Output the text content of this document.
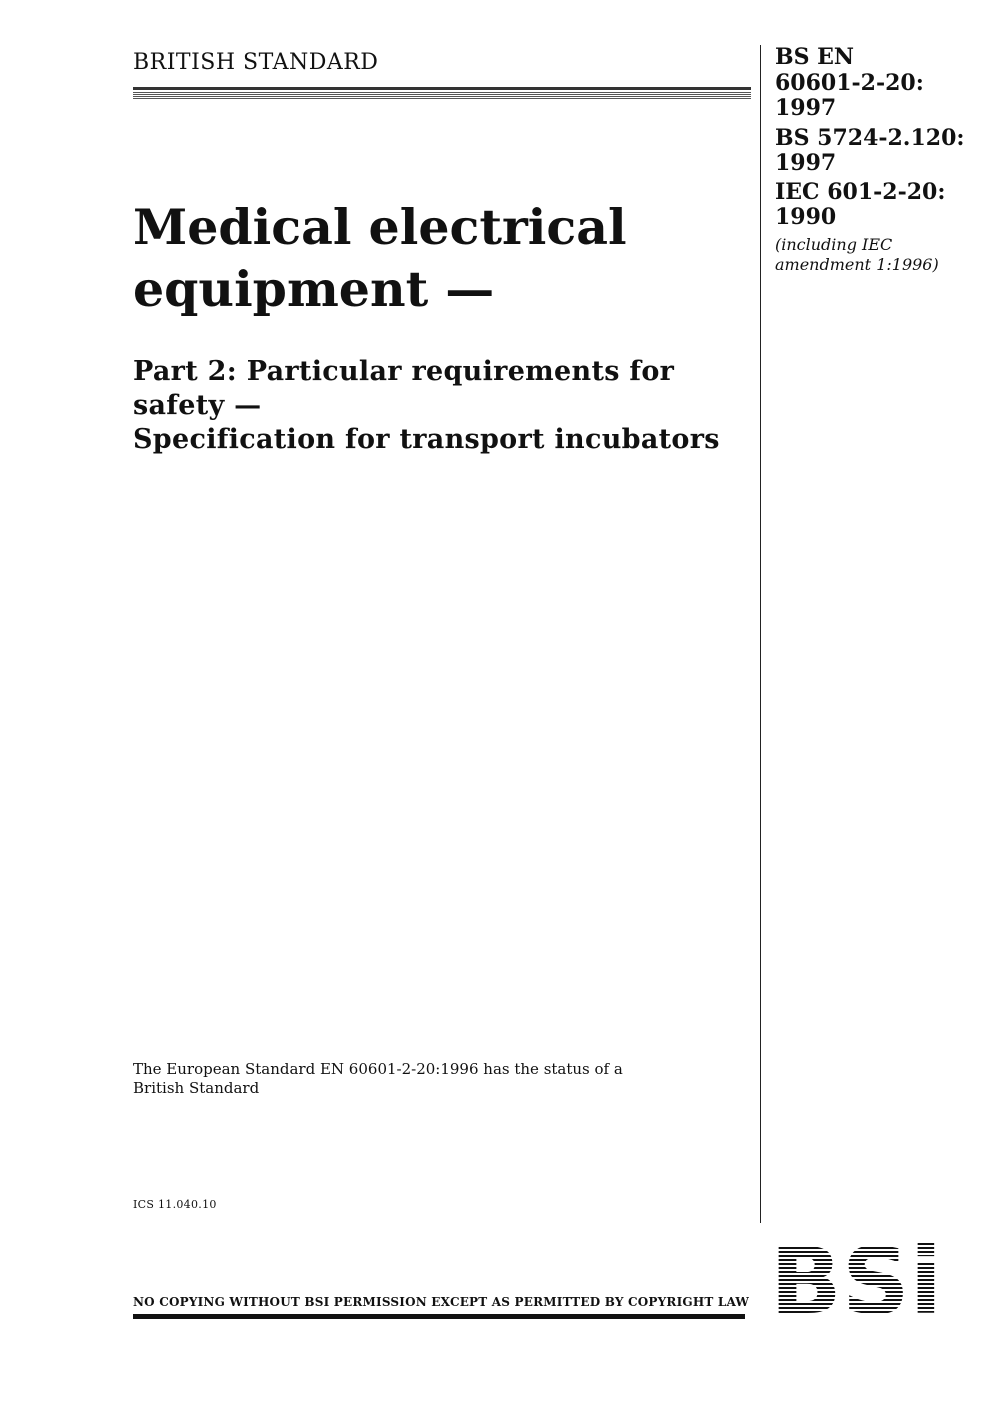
BRITISH STANDARD	BS EN
60601-2-20:
1997
BS 5724-2.120:
1997
IEC 601-2-20:
1990
(including IEC
amendment 1:1996)
Medical electrical
equipment —
Part 2: Particular requirements for
safety —
Specification for transport incubators
The European Standard EN 60601-2-20:1996 has the status of a
British Standard
ICS 11.040.10
NO COPYING WITHOUT BSI PERMISSION EXCEPT AS PERMITTED BY COPYRIGHT LAW BSi
